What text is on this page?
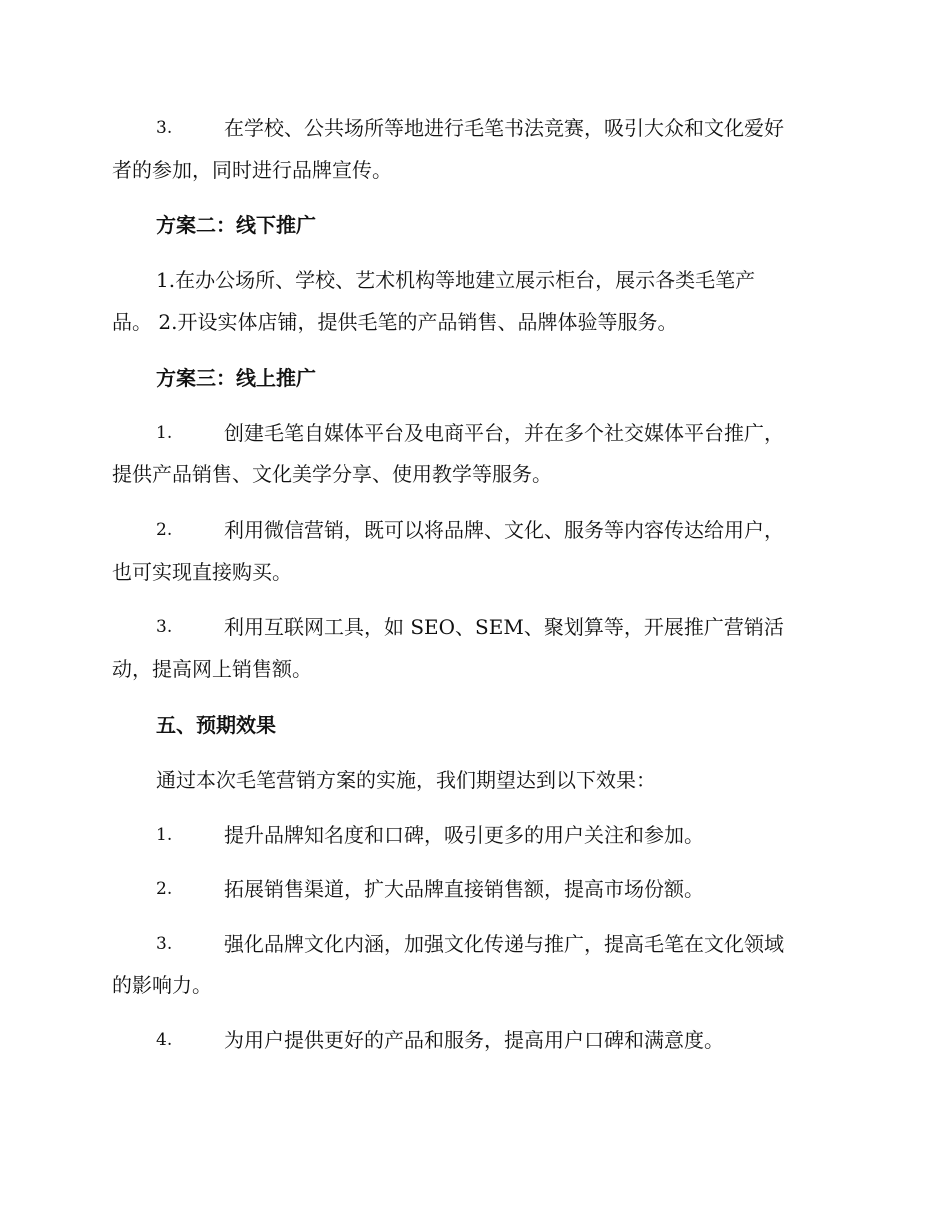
3.	在学校、公共场所等地进行毛笔书法竞赛，吸引大众和文化爱好
者的参加，同时进行品牌宣传。
方案二：线下推广
1.在办公场所、学校、艺术机构等地建立展示柜台，展示各类毛笔产
品。 2.开设实体店铺，提供毛笔的产品销售、品牌体验等服务。
方案三：线上推广
1.	创建毛笔自媒体平台及电商平台，并在多个社交媒体平台推广，
提供产品销售、文化美学分享、使用教学等服务。
2.	利用微信营销，既可以将品牌、文化、服务等内容传达给用户，
也可实现直接购买。
3.	利用互联网工具，如 SEO、SEM、聚划算等，开展推广营销活
动，提高网上销售额。
五、预期效果
通过本次毛笔营销方案的实施，我们期望达到以下效果：
1.	提升品牌知名度和口碑，吸引更多的用户关注和参加。
2.	拓展销售渠道，扩大品牌直接销售额，提高市场份额。
3.	强化品牌文化内涵，加强文化传递与推广，提高毛笔在文化领域
的影响力。
4.	为用户提供更好的产品和服务，提高用户口碑和满意度。
